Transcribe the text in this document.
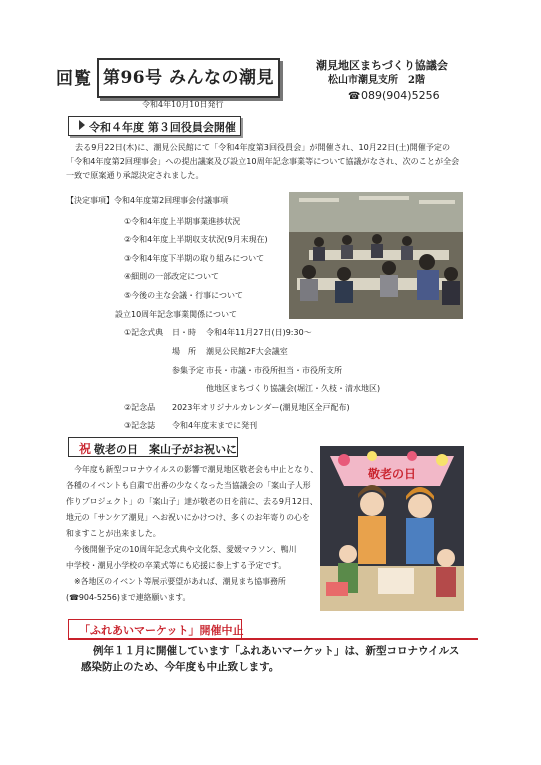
回覧 第96号 みんなの潮見
令和4年10月10日発行
潮見地区まちづくり協議会
松山市潮見支所　2階
☎089(904)5256
令和４年度 第３回役員会開催
去る9月22日(木)に、潮見公民館にて「令和4年度第3回役員会」が開催され、10月22日(土)開催予定の
「令和4年度第2回理事会」への提出議案及び設立10周年記念事業等について協議がなされ、次のことが全会
一致で原案通り承認決定されました。
【決定事項】令和4年度第2回理事会付議事項
①令和4年度上半期事業進捗状況
②令和4年度上半期収支状況(9月末現在)
③令和4年度下半期の取り組みについて
④細則の一部改定について
⑤今後の主な会議・行事について
設立10周年記念事業関係について
①記念式典 日・時 令和4年11月27日(日)9:30～
場　所 潮見公民館2F大会議室
参集予定 市長・市議・市役所担当・市役所支所
他地区まちづくり協議会(堀江・久枝・清水地区)
②記念品 2023年オリジナルカレンダー(潮見地区全戸配布)
③記念誌 令和4年度末までに発刊
祝 敬老の日　案山子がお祝いに
今年度も新型コロナウイルスの影響で潮見地区敬老会も中止となり、
各種のイベントも自粛で出番の少なくなった当協議会の「案山子人形
作りプロジェクト」の「案山子」達が敬老の日を前に、去る9月12日、
地元の「サンケア潮見」へお祝いにかけつけ、多くのお年寄りの心を
和ますことが出来ました。
今後開催予定の10周年記念式典や文化祭、愛媛マラソン、鴨川
中学校・潮見小学校の卒業式等にも応援に参上する予定です。
※各地区のイベント等展示要望があれば、潮見まち協事務所
(☎904-5256)まで連絡願います。
敬老の日
「ふれあいマーケット」開催中止
例年１１月に開催しています「ふれあいマーケット」は、新型コロナウイルス
感染防止のため、今年度も中止致します。
